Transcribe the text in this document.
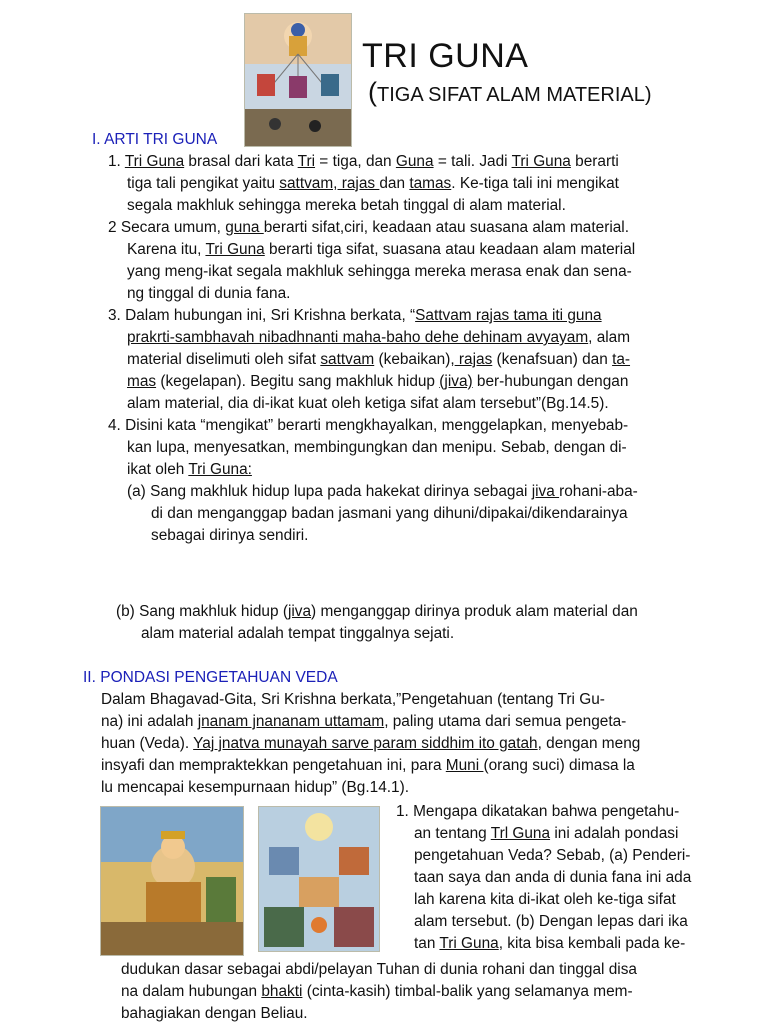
TRI GUNA
(TIGA SIFAT ALAM MATERIAL)
I. ARTI TRI GUNA
1. Tri Guna brasal dari kata Tri = tiga, dan Guna = tali. Jadi Tri Guna berarti
tiga tali pengikat yaitu sattvam, rajas dan tamas. Ke-tiga tali ini mengikat
segala makhluk sehingga mereka betah tinggal di alam material.
2 Secara umum, guna berarti sifat,ciri, keadaan atau suasana alam material.
Karena itu, Tri Guna berarti tiga sifat, suasana atau keadaan alam material
yang meng-ikat segala makhluk sehingga mereka merasa enak dan sena-
ng tinggal di dunia fana.
3. Dalam hubungan ini, Sri Krishna berkata, “Sattvam rajas tama iti guna
prakrti-sambhavah nibadhnanti maha-baho dehe dehinam avyayam, alam
material diselimuti oleh sifat sattvam (kebaikan), rajas (kenafsuan) dan ta-
mas (kegelapan). Begitu sang makhluk hidup (jiva) ber-hubungan dengan
alam material, dia di-ikat kuat oleh ketiga sifat alam tersebut”(Bg.14.5).
4. Disini kata “mengikat” berarti mengkhayalkan, menggelapkan, menyebab-
kan lupa, menyesatkan, membingungkan dan menipu. Sebab, dengan di-
ikat oleh Tri Guna:
(a) Sang makhluk hidup lupa pada hakekat dirinya sebagai jiva rohani-aba-
di dan menganggap badan jasmani yang dihuni/dipakai/dikendarainya
sebagai dirinya sendiri.
(b) Sang makhluk hidup (jiva) menganggap dirinya produk alam material dan
alam material adalah tempat tinggalnya sejati.
II. PONDASI PENGETAHUAN VEDA
Dalam Bhagavad-Gita, Sri Krishna berkata,”Pengetahuan (tentang Tri Gu-
na) ini adalah jnanam jnananam uttamam, paling utama dari semua pengeta-
huan (Veda). Yaj jnatva munayah sarve param siddhim ito gatah, dengan meng
insyafi dan mempraktekkan pengetahuan ini, para Muni (orang suci) dimasa la
lu mencapai kesempurnaan hidup” (Bg.14.1).
1. Mengapa dikatakan bahwa pengetahu-
an tentang Trl Guna ini adalah pondasi
pengetahuan Veda? Sebab, (a) Penderi-
taan saya dan anda di dunia fana ini ada
lah karena kita di-ikat oleh ke-tiga sifat
alam tersebut. (b) Dengan lepas dari ika
tan Tri Guna, kita bisa kembali pada ke-
dudukan dasar sebagai abdi/pelayan Tuhan di dunia rohani dan tinggal disa
na dalam hubungan bhakti (cinta-kasih) timbal-balik yang selamanya mem-
bahagiakan dengan Beliau.
